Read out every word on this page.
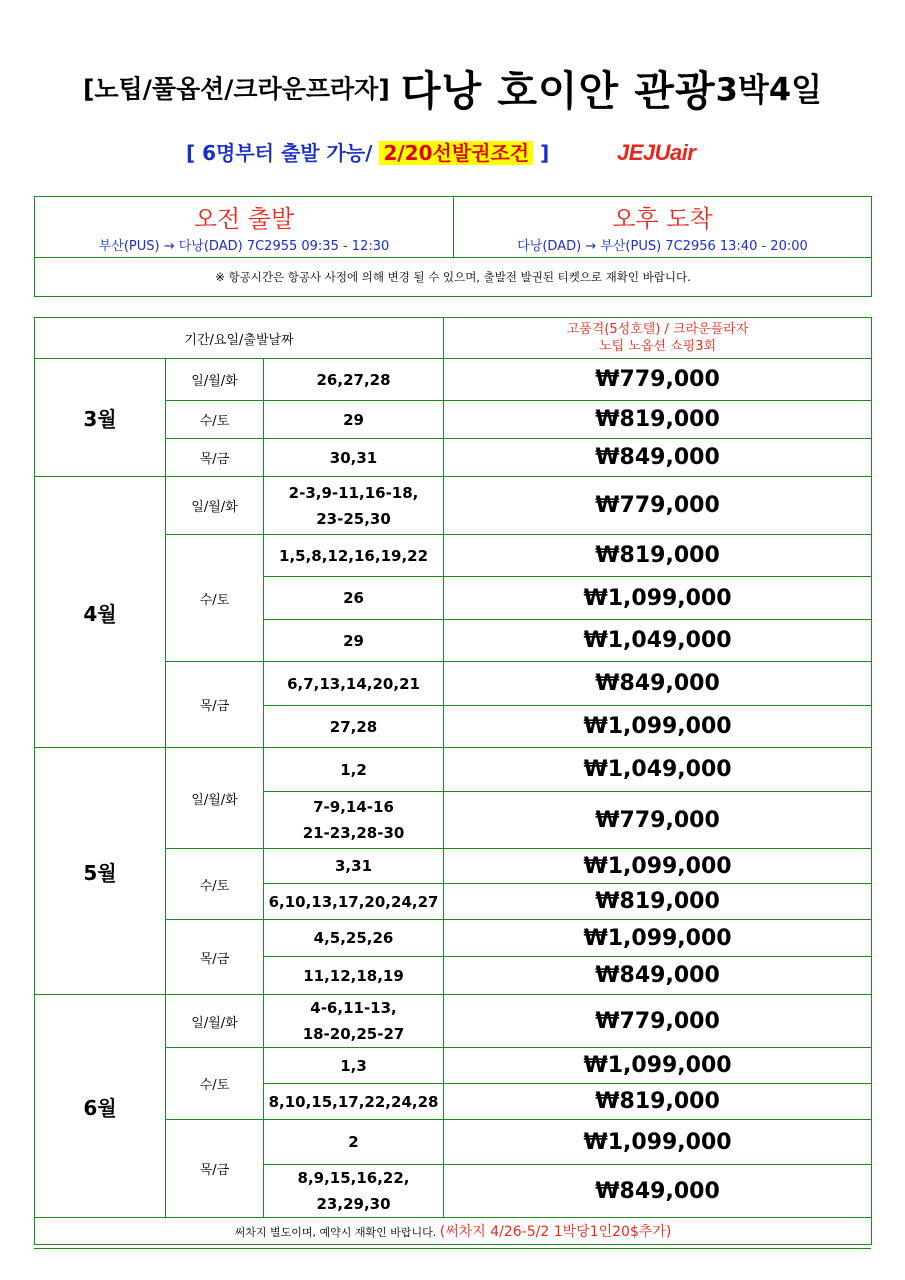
[노팁/풀옵션/크라운프라자] 다낭 호이안 관광3박4일
[ 6명부터 출발 가능/ 2/20선발권조건 ]	JEJUair
오전 출발	오후 도착
부산(PUS) → 다낭(DAD) 7C2955 09:35 - 12:30	다낭(DAD) → 부산(PUS) 7C2956 13:40 - 20:00
※ 항공시간은 항공사 사정에 의해 변경 될 수 있으며, 출발전 발권된 티켓으로 재확인 바랍니다.	
기간/요일/출발날짜			고품격(5성호텔) / 크라운플라자
노팁 노옵션 쇼핑3회

3월	일/월/화	26,27,28	₩779,000
	수/토	29	₩819,000
	목/금	30,31	₩849,000
4월	일/월/화	2-3,9-11,16-18,
23-25,30	₩779,000
	수/토	1,5,8,12,16,19,22	₩819,000
		26	₩1,099,000
		29	₩1,049,000
	목/금	6,7,13,14,20,21	₩849,000
		27,28	₩1,099,000
5월	일/월/화	1,2	₩1,049,000

		7-9,14-16
21-23,28-30	₩779,000
	수/토	3,31	₩1,099,000
		6,10,13,17,20,24,27	₩819,000
	목/금	4,5,25,26	₩1,099,000
		11,12,18,19	₩849,000
6월	일/월/화	4-6,11-13,
18-20,25-27	₩779,000
	수/토	1,3	₩1,099,000
		8,10,15,17,22,24,28	₩819,000
	목/금	2	₩1,099,000

		8,9,15,16,22,
23,29,30	₩849,000
써차지 별도이며, 예약시 재확인 바랍니다. (써차지 4/26-5/2 1박당1인20$추가)			
